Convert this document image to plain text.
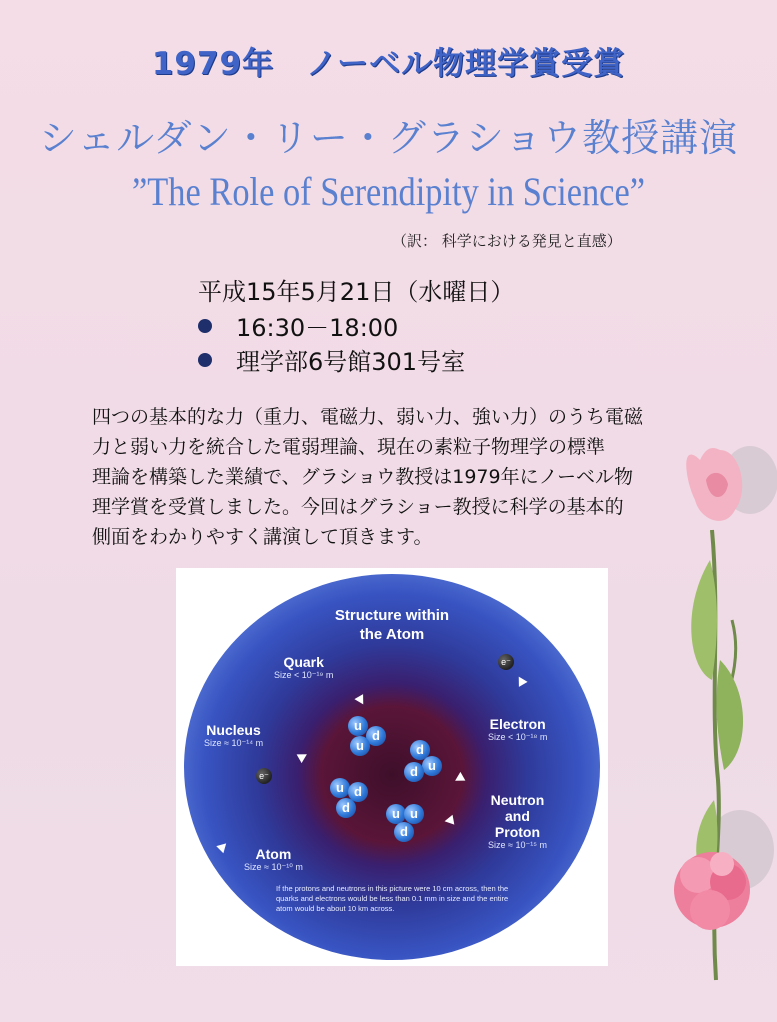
1979年　ノーベル物理学賞受賞
シェルダン・リー・グラショウ教授講演
”The Role of Serendipity in Science”
（訳： 科学における発見と直感）
平成15年5月21日（水曜日）
16:30－18:00
理学部6号館301号室
四つの基本的な力（重力、電磁力、弱い力、強い力）のうち電磁
力と弱い力を統合した電弱理論、現在の素粒子物理学の標準
理論を構築した業績で、グラショウ教授は1979年にノーベル物
理学賞を受賞しました。今回はグラショー教授に科学の基本的
側面をわかりやすく講演して頂きます。
Structure within
the Atom
Quark
Size < 10⁻¹⁹ m
Nucleus
Size ≈ 10⁻¹⁴ m
Electron
Size < 10⁻¹⁸ m
Neutron
and
Proton
Size ≈ 10⁻¹⁵ m
Atom
Size ≈ 10⁻¹⁰ m
e⁻
e⁻
u
d
u	d
u
d
u d
d	u u
d
If the protons and neutrons in this picture were 10 cm across, then the quarks and electrons would be less than 0.1 mm in size and the entire atom would be about 10 km across.
